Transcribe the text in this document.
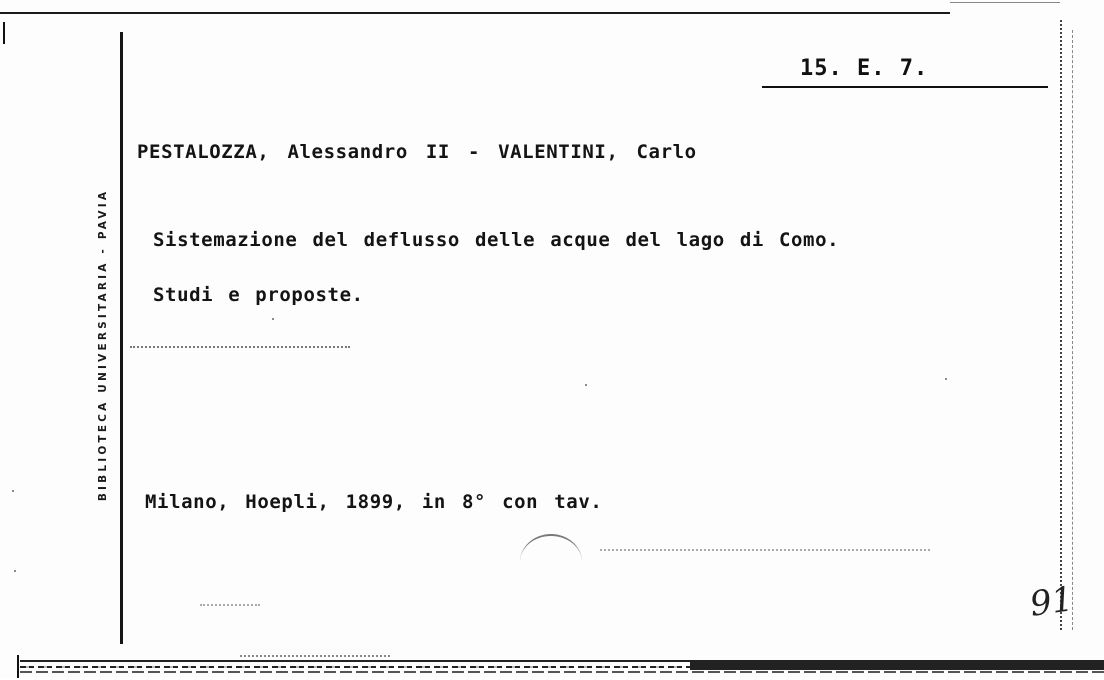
BIBLIOTECA UNIVERSITARIA - PAVIA
15. E. 7.
PESTALOZZA, Alessandro II - VALENTINI, Carlo
Sistemazione del deflusso delle acque del lago di Como.
Studi e proposte.
Milano, Hoepli, 1899, in 8° con tav.
91
